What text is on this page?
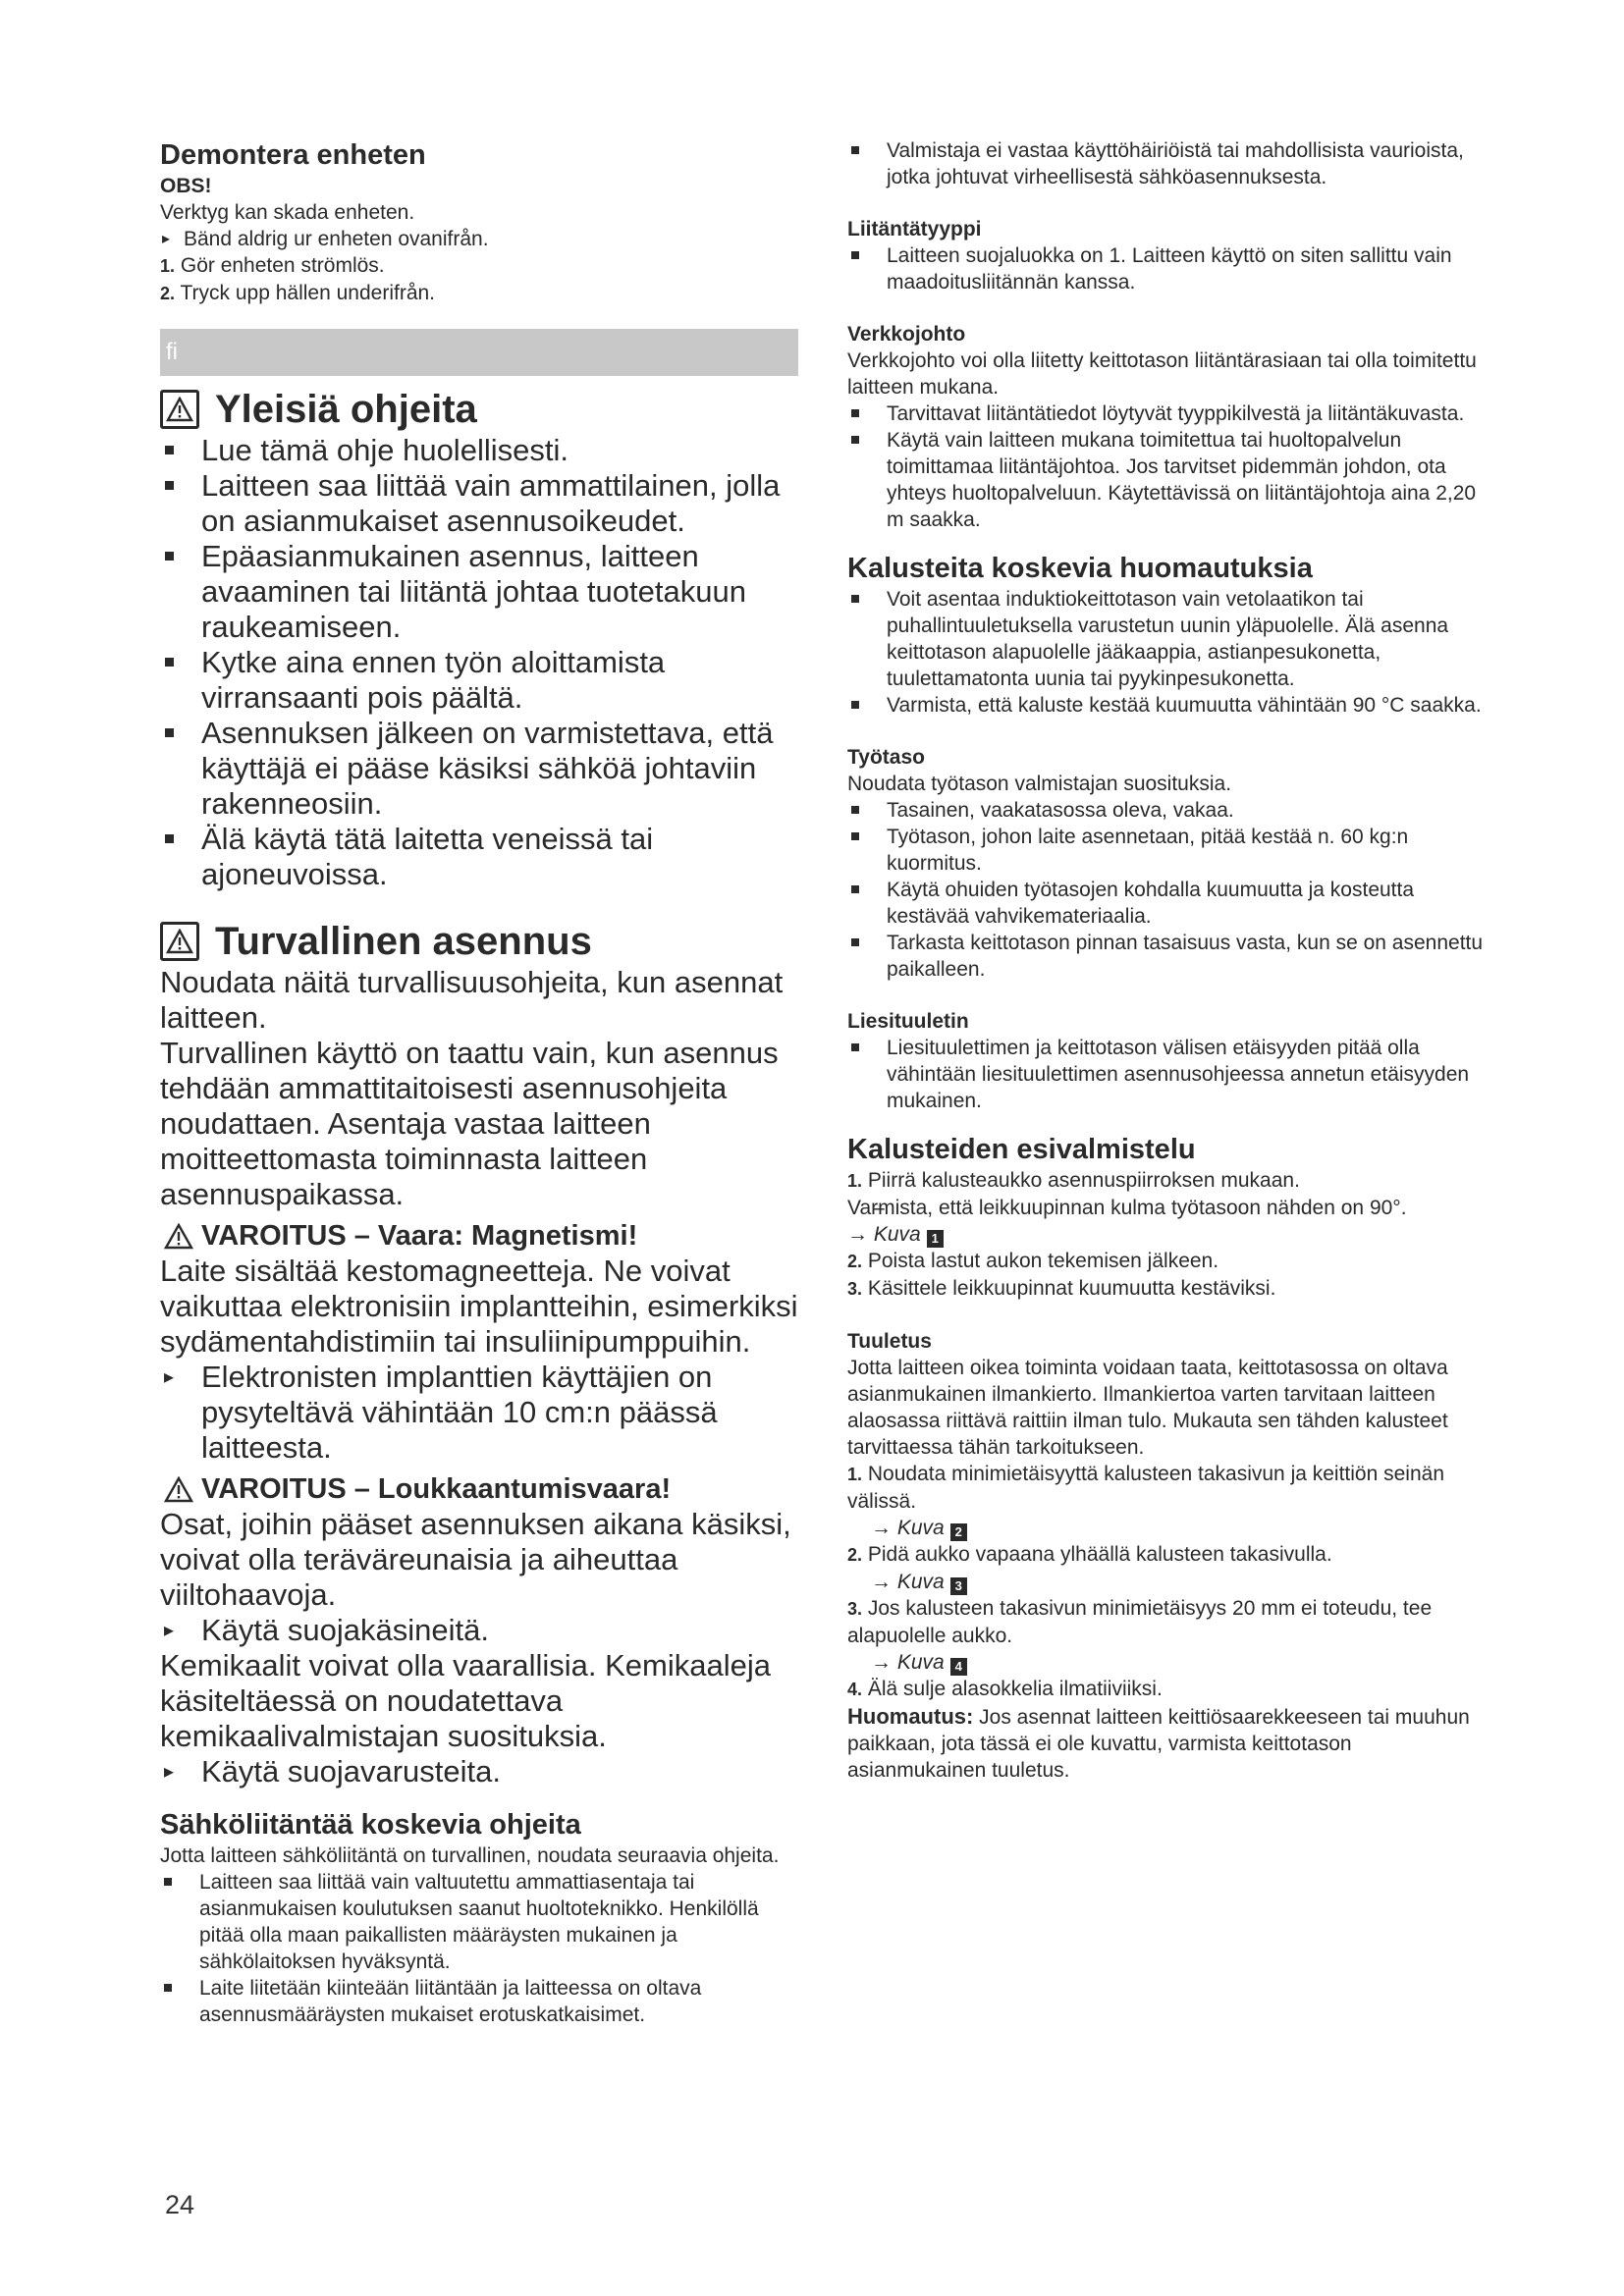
Demontera enheten
OBS!

Verktyg kan skada enheten.

▸ Bänd aldrig ur enheten ovanifrån.
1. Gör enheten strömlös.
2. Tryck upp hällen underifrån.
fi
Yleisiä ohjeita
Lue tämä ohje huolellisesti.
Laitteen saa liittää vain ammattilainen, jolla on asianmukaiset asennusoikeudet.
Epäasianmukainen asennus, laitteen avaaminen tai liitäntä johtaa tuotetakuun raukeamiseen.
Kytke aina ennen työn aloittamista virransaanti pois päältä.
Asennuksen jälkeen on varmistettava, että käyttäjä ei pääse käsiksi sähköä johtaviin rakenneosiin.
Älä käytä tätä laitetta veneissä tai ajoneuvoissa.
Turvallinen asennus

Noudata näitä turvallisuusohjeita, kun asennat laitteen.

Turvallinen käyttö on taattu vain, kun asennus tehdään ammattitaitoisesti asennusohjeita noudattaen. Asentaja vastaa laitteen moitteettomasta toiminnasta laitteen asennuspaikassa.

VAROITUS – Vaara: Magnetismi!

Laite sisältää kestomagneetteja. Ne voivat vaikuttaa elektronisiin implantteihin, esimerkiksi sydämentahdistimiin tai insuliinipumppuihin.

▸ Elektronisten implanttien käyttäjien on pysyteltävä vähintään 10 cm:n päässä laitteesta.
VAROITUS – Loukkaantumisvaara!

Osat, joihin pääset asennuksen aikana käsiksi, voivat olla teräväreunaisia ja aiheuttaa viiltohaavoja.

▸ Käytä suojakäsineitä.

Kemikaalit voivat olla vaarallisia. Kemikaaleja käsiteltäessä on noudatettava kemikaalivalmistajan suosituksia.

▸ Käytä suojavarusteita.
Sähköliitäntää koskevia ohjeita

Jotta laitteen sähköliitäntä on turvallinen, noudata seuraavia ohjeita.

Laitteen saa liittää vain valtuutettu ammattiasentaja tai asianmukaisen koulutuksen saanut huoltoteknikko. Henkilöllä pitää olla maan paikallisten määräysten mukainen ja sähkölaitoksen hyväksyntä.
Laite liitetään kiinteään liitäntään ja laitteessa on oltava asennusmääräysten mukaiset erotuskatkaisimet.
24
Valmistaja ei vastaa käyttöhäiriöistä tai mahdollisista vaurioista, jotka johtuvat virheellisestä sähköasennuksesta.
Liitäntätyyppi
Laitteen suojaluokka on 1. Laitteen käyttö on siten sallittu vain maadoitusliitännän kanssa.
Verkkojohto

Verkkojohto voi olla liitetty keittotason liitäntärasiaan tai olla toimitettu laitteen mukana.

Tarvittavat liitäntätiedot löytyvät tyyppikilvestä ja liitäntäkuvasta.
Käytä vain laitteen mukana toimitettua tai huoltopalvelun toimittamaa liitäntäjohtoa. Jos tarvitset pidemmän johdon, ota yhteys huoltopalveluun. Käytettävissä on liitäntäjohtoja aina 2,20 m saakka.
Kalusteita koskevia huomautuksia
Voit asentaa induktiokeittotason vain vetolaatikon tai puhallintuuletuksella varustetun uunin yläpuolelle. Älä asenna keittotason alapuolelle jääkaappia, astianpesukonetta, tuulettamatonta uunia tai pyykinpesukonetta.
Varmista, että kaluste kestää kuumuutta vähintään 90 °C saakka.
Työtaso

Noudata työtason valmistajan suosituksia.

Tasainen, vaakatasossa oleva, vakaa.
Työtason, johon laite asennetaan, pitää kestää n. 60 kg:n kuormitus.
Käytä ohuiden työtasojen kohdalla kuumuutta ja kosteutta kestävää vahvikemateriaalia.
Tarkasta keittotason pinnan tasaisuus vasta, kun se on asennettu paikalleen.
Liesituuletin
Liesituulettimen ja keittotason välisen etäisyyden pitää olla vähintään liesituulettimen asennusohjeessa annetun etäisyyden mukainen.
Kalusteiden esivalmistelu
1. Piirrä kalusteaukko asennuspiirroksen mukaan.
– Varmista, että leikkuupinnan kulma työtasoon nähden on 90°.
→ Kuva 1
2. Poista lastut aukon tekemisen jälkeen.
3. Käsittele leikkuupinnat kuumuutta kestäviksi.
Tuuletus

Jotta laitteen oikea toiminta voidaan taata, keittotasossa on oltava asianmukainen ilmankierto. Ilmankiertoa varten tarvitaan laitteen alaosassa riittävä raittiin ilman tulo. Mukauta sen tähden kalusteet tarvittaessa tähän tarkoitukseen.

1. Noudata minimietäisyyttä kalusteen takasivun ja keittiön seinän välissä.
→ Kuva 2
2. Pidä aukko vapaana ylhäällä kalusteen takasivulla.
→ Kuva 3
3. Jos kalusteen takasivun minimietäisyys 20 mm ei toteudu, tee alapuolelle aukko.
→ Kuva 4
4. Älä sulje alasokkelia ilmatiiviiksi.

Huomautus: Jos asennat laitteen keittiösaarekkeeseen tai muuhun paikkaan, jota tässä ei ole kuvattu, varmista keittotason asianmukainen tuuletus.
